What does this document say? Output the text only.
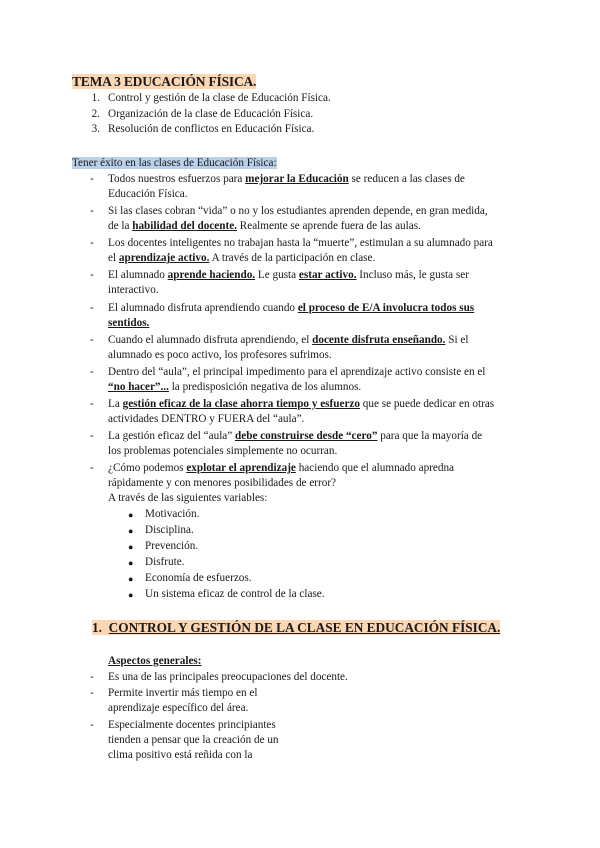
TEMA 3 EDUCACIÓN FÍSICA.
1. Control y gestión de la clase de Educación Física.
2. Organización de la clase de Educación Física.
3. Resolución de conflictos en Educación Física.
Tener éxito en las clases de Educación Física:
- Todos nuestros esfuerzos para mejorar la Educación se reducen a las clases de
Educación Física.
- Si las clases cobran “vida” o no y los estudiantes aprenden depende, en gran medida,
de la habilidad del docente. Realmente se aprende fuera de las aulas.
- Los docentes inteligentes no trabajan hasta la “muerte”, estimulan a su alumnado para
el aprendizaje activo. A través de la participación en clase.
- El alumnado aprende haciendo. Le gusta estar activo. Incluso más, le gusta ser
interactivo.
- El alumnado disfruta aprendiendo cuando el proceso de E/A involucra todos sus
sentidos.
- Cuando el alumnado disfruta aprendiendo, el docente disfruta enseñando. Si el
alumnado es poco activo, los profesores sufrimos.
- Dentro del “aula”, el principal impedimento para el aprendizaje activo consiste en el
“no hacer”... la predisposición negativa de los alumnos.
- La gestión eficaz de la clase ahorra tiempo y esfuerzo que se puede dedicar en otras
actividades DENTRO y FUERA del “aula”.
- La gestión eficaz del “aula” debe construirse desde “cero” para que la mayoría de
los problemas potenciales simplemente no ocurran.
- ¿Cómo podemos explotar el aprendizaje haciendo que el alumnado apredna
rápidamente y con menores posibilidades de error?
A través de las siguientes variables:
● Motivación.
● Disciplina.
● Prevención.
● Disfrute.
● Economía de esfuerzos.
● Un sistema eficaz de control de la clase.
1. CONTROL Y GESTIÓN DE LA CLASE EN EDUCACIÓN FÍSICA.
Aspectos generales:
- Es una de las principales preocupaciones del docente.
- Permite invertir más tiempo en el
aprendizaje específico del área.
- Especialmente docentes principiantes
tienden a pensar que la creación de un
clima positivo está reñida con la
